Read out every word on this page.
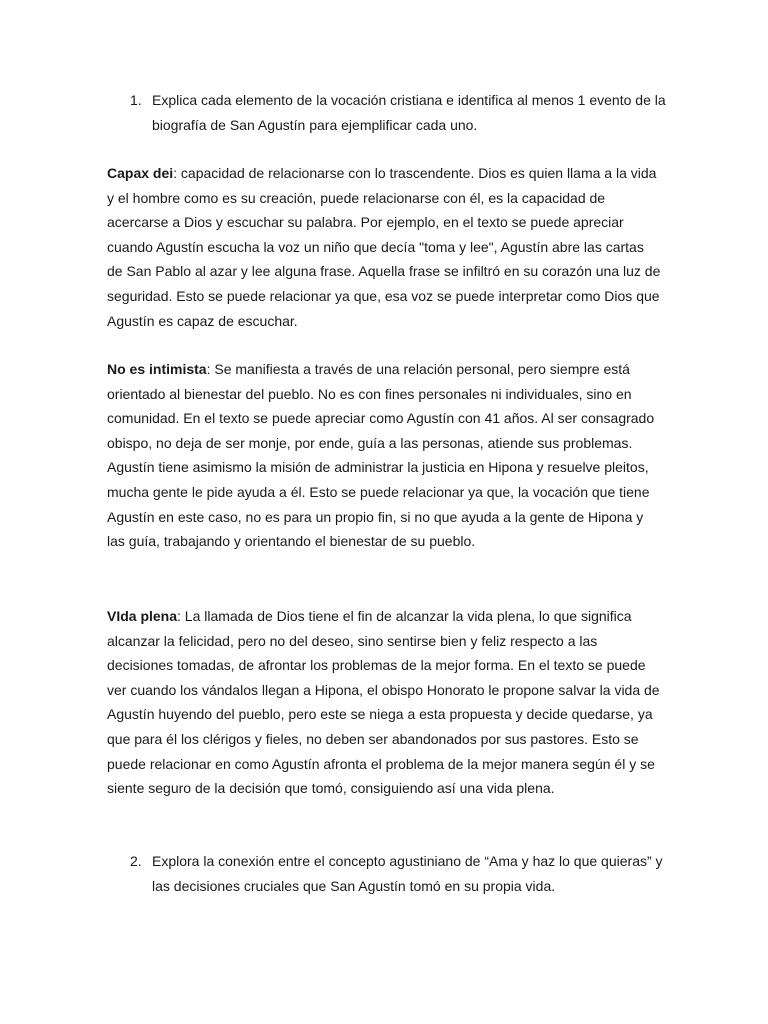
1. Explica cada elemento de la vocación cristiana e identifica al menos 1 evento de la biografía de San Agustín para ejemplificar cada uno.

Capax dei: capacidad de relacionarse con lo trascendente. Dios es quien llama a la vida y el hombre como es su creación, puede relacionarse con él, es la capacidad de acercarse a Dios y escuchar su palabra. Por ejemplo, en el texto se puede apreciar cuando Agustín escucha la voz un niño que decía "toma y lee", Agustín abre las cartas de San Pablo al azar y lee alguna frase. Aquella frase se infiltró en su corazón una luz de seguridad. Esto se puede relacionar ya que, esa voz se puede interpretar como Dios que Agustín es capaz de escuchar.

No es intimista: Se manifiesta a través de una relación personal, pero siempre está orientado al bienestar del pueblo. No es con fines personales ni individuales, sino en comunidad. En el texto se puede apreciar como Agustín con 41 años. Al ser consagrado obispo, no deja de ser monje, por ende, guía a las personas, atiende sus problemas. Agustín tiene asimismo la misión de administrar la justicia en Hipona y resuelve pleitos, mucha gente le pide ayuda a él. Esto se puede relacionar ya que, la vocación que tiene Agustín en este caso, no es para un propio fin, si no que ayuda a la gente de Hipona y las guía, trabajando y orientando el bienestar de su pueblo.

VIda plena: La llamada de Dios tiene el fin de alcanzar la vida plena, lo que significa alcanzar la felicidad, pero no del deseo, sino sentirse bien y feliz respecto a las decisiones tomadas, de afrontar los problemas de la mejor forma. En el texto se puede ver cuando los vándalos llegan a Hipona, el obispo Honorato le propone salvar la vida de Agustín huyendo del pueblo, pero este se niega a esta propuesta y decide quedarse, ya que para él los clérigos y fieles, no deben ser abandonados por sus pastores. Esto se puede relacionar en como Agustín afronta el problema de la mejor manera según él y se siente seguro de la decisión que tomó, consiguiendo así una vida plena.

2. Explora la conexión entre el concepto agustiniano de “Ama y haz lo que quieras” y las decisiones cruciales que San Agustín tomó en su propia vida.
